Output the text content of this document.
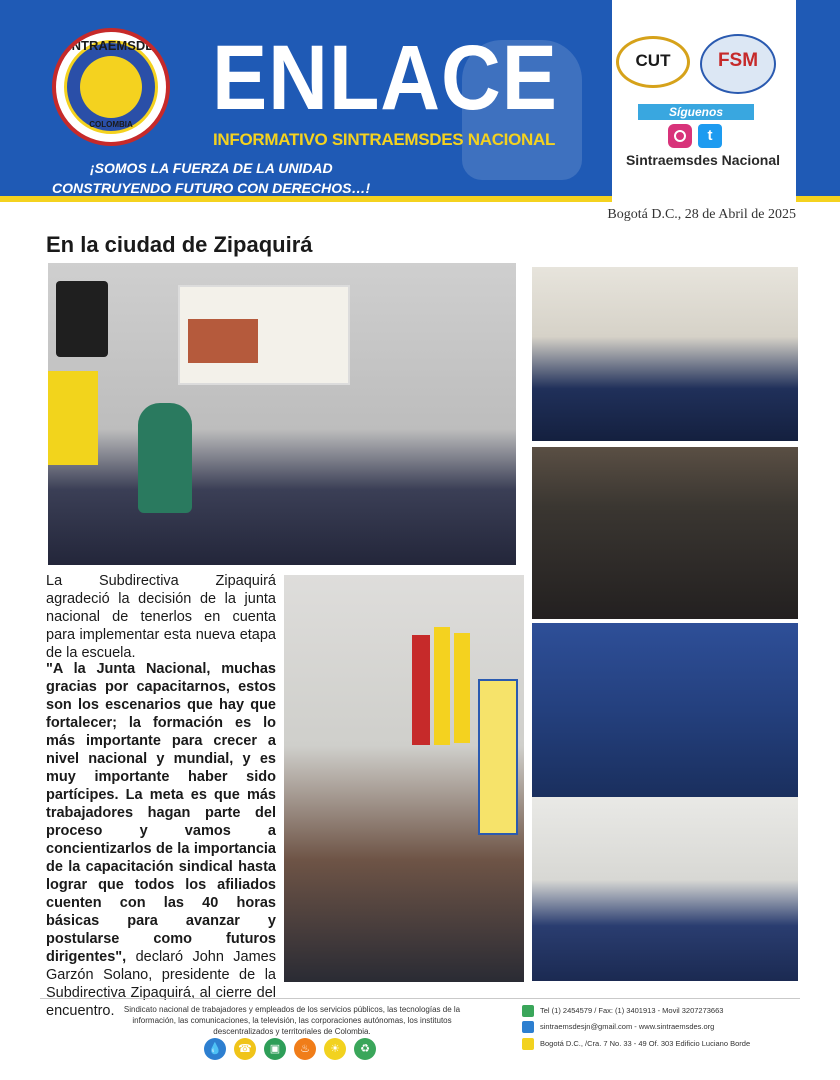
SINTRAEMSDES
COLOMBIA ENLACE
INFORMATIVO SINTRAEMSDES NACIONAL
¡SOMOS LA FUERZA DE LA UNIDAD
CONSTRUYENDO FUTURO CON DERECHOS…!
CUT	FSM
Síguenos
t
Sintraemsdes Nacional
Bogotá D.C., 28 de Abril de 2025
En la ciudad de Zipaquirá
La Subdirectiva Zipaquirá agradeció la decisión de la junta nacional de tenerlos en cuenta para implementar esta nueva etapa de la escuela.
"A la Junta Nacional, muchas gracias por capacitarnos, estos son los escenarios que hay que fortalecer; la formación es lo más importante para crecer a nivel nacional y mundial, y es muy importante haber sido partícipes. La meta es que más trabajadores hagan parte del proceso y vamos a concientizarlos de la importancia de la capacitación sindical hasta lograr que todos los afiliados cuenten con las 40 horas básicas para avanzar y postularse como futuros dirigentes", declaró John James Garzón Solano, presidente de la Subdirectiva Zipaquirá, al cierre del encuentro.	Sindicato nacional de trabajadores y empleados de los servicios públicos, las tecnologías de la información, las comunicaciones, la televisión, las corporaciones autónomas, los institutos descentralizados y territoriales de Colombia.
💧	☎	▣	♨	☀	♻
Tel (1) 2454579 / Fax: (1) 3401913 - Movil 3207273663
sintraemsdesjn@gmail.com - www.sintraemsdes.org
Bogotá D.C., /Cra. 7 No. 33 - 49 Of. 303 Edificio Luciano Borde
